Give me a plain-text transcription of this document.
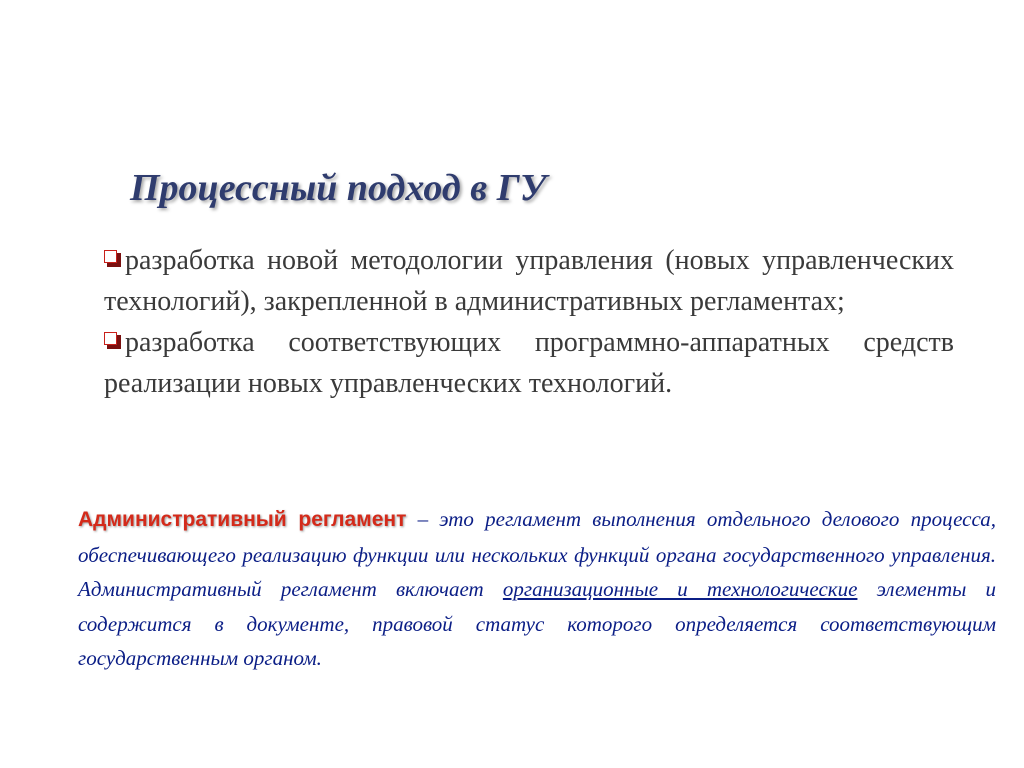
Процессный подход в ГУ
разработка новой методологии управления (новых управленческих технологий), закрепленной в административных регламентах;
разработка соответствующих программно-аппаратных средств реализации новых управленческих технологий.

Административный регламент – это регламент выполнения отдельного делового процесса, обеспечивающего реализацию функции или нескольких функций органа государственного управления. Административный регламент включает организационные и технологические элементы и содержится в документе, правовой статус которого определяется соответствующим государственным органом.
